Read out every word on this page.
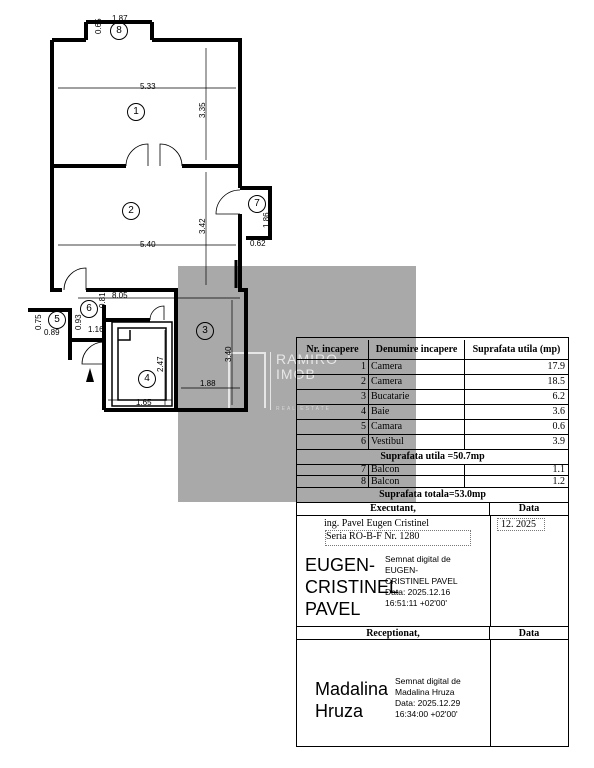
RAMIRO
IMOB
REAL ESTATE
1.87
0.65
5.33
3.35
5.40
3.42
0.62
1.86
8.05
0.81
0.89
0.75	0.93 1.16
2.47
3.40
1.88
1.65
1
2
3
4
5
6
7
8
Nr. incapere	Denumire incapere	Suprafata utila (mp)
1 Camera	17.9
2 Camera	18.5
3 Bucatarie	6.2
4 Baie	3.6
5 Camara	0.6
6 Vestibul	3.9
Suprafata utila =50.7mp
7 Balcon	1.1
8 Balcon	1.2
Suprafata totala=53.0mp
Executant,	Data
ing. Pavel Eugen Cristinel
Seria RO-B-F Nr. 1280
12. 2025
EUGEN-
CRISTINEL
PAVEL
Semnat digital de
EUGEN-
CRISTINEL PAVEL
Data: 2025.12.16
16:51:11 +02'00'
Receptionat,	Data
Madalina
Hruza
Semnat digital de
Madalina Hruza
Data: 2025.12.29
16:34:00 +02'00'
